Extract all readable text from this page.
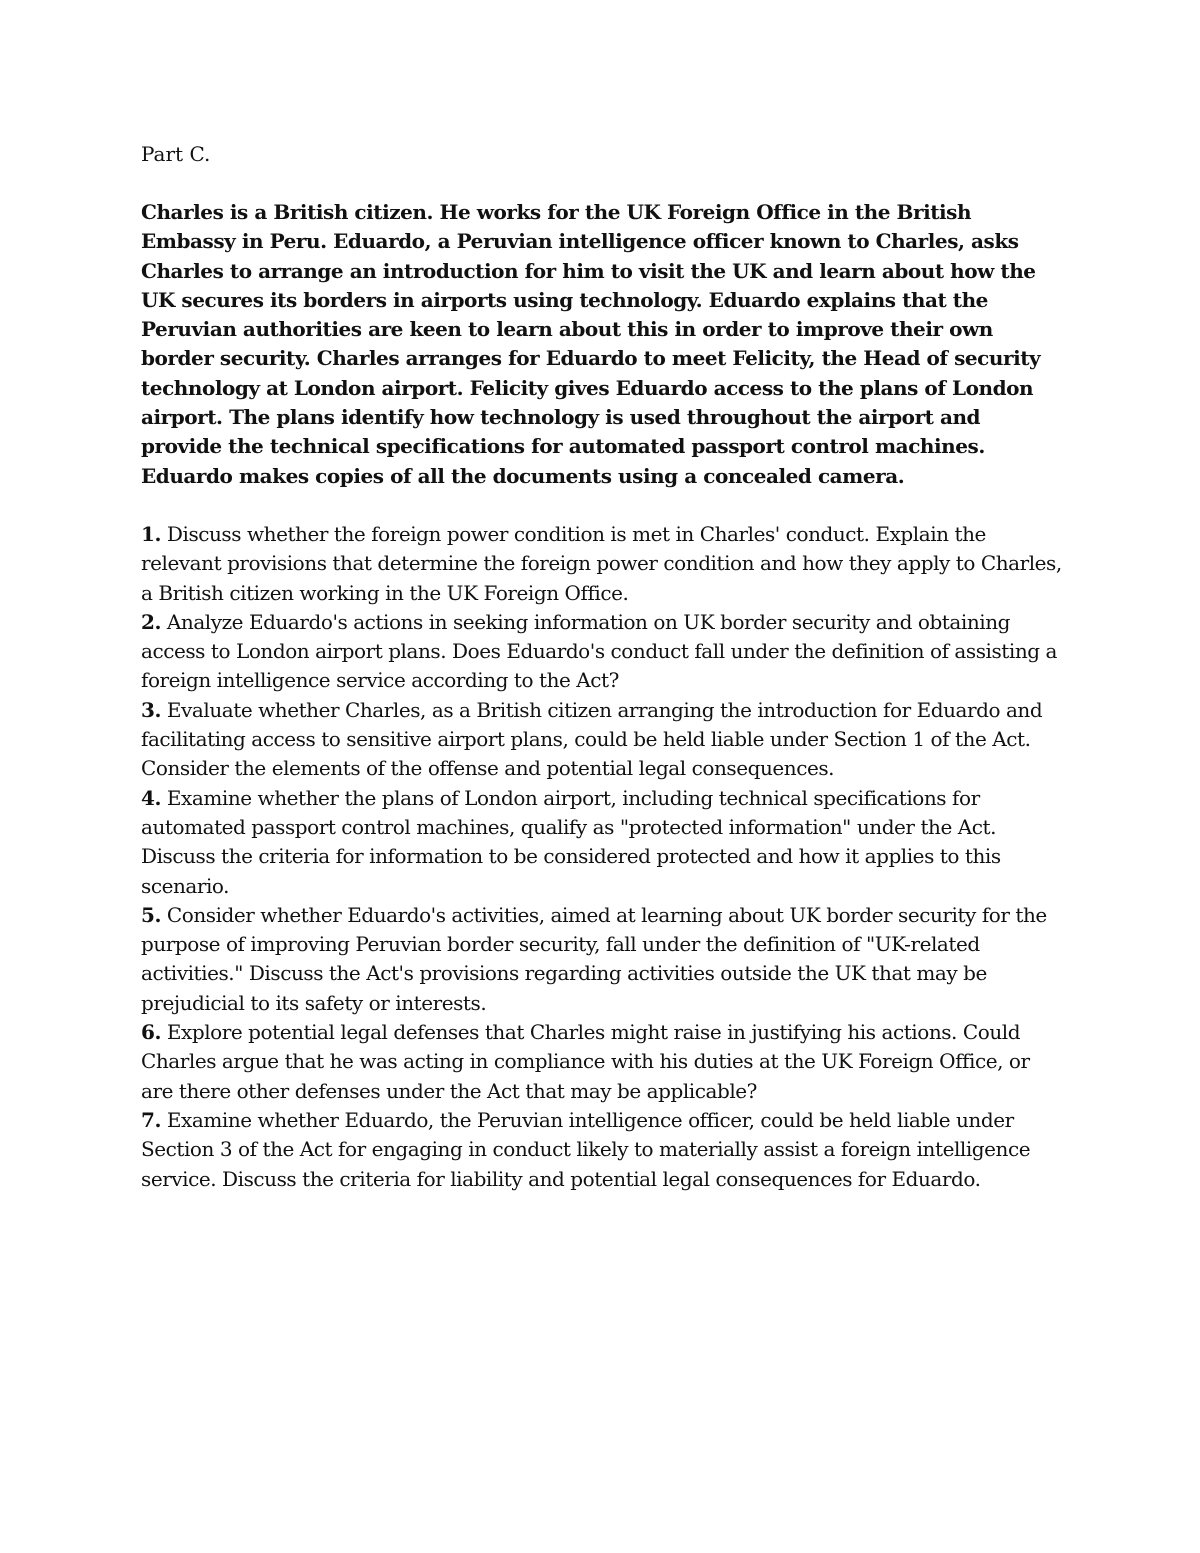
Part C.

Charles is a British citizen. He works for the UK Foreign Office in the British Embassy in Peru. Eduardo, a Peruvian intelligence officer known to Charles, asks Charles to arrange an introduction for him to visit the UK and learn about how the UK secures its borders in airports using technology. Eduardo explains that the Peruvian authorities are keen to learn about this in order to improve their own border security. Charles arranges for Eduardo to meet Felicity, the Head of security technology at London airport. Felicity gives Eduardo access to the plans of London airport. The plans identify how technology is used throughout the airport and provide the technical specifications for automated passport control machines. Eduardo makes copies of all the documents using a concealed camera.

1. Discuss whether the foreign power condition is met in Charles' conduct. Explain the relevant provisions that determine the foreign power condition and how they apply to Charles, a British citizen working in the UK Foreign Office.
2. Analyze Eduardo's actions in seeking information on UK border security and obtaining access to London airport plans. Does Eduardo's conduct fall under the definition of assisting a foreign intelligence service according to the Act?
3. Evaluate whether Charles, as a British citizen arranging the introduction for Eduardo and facilitating access to sensitive airport plans, could be held liable under Section 1 of the Act. Consider the elements of the offense and potential legal consequences.
4. Examine whether the plans of London airport, including technical specifications for automated passport control machines, qualify as "protected information" under the Act. Discuss the criteria for information to be considered protected and how it applies to this scenario.
5. Consider whether Eduardo's activities, aimed at learning about UK border security for the purpose of improving Peruvian border security, fall under the definition of "UK-related activities." Discuss the Act's provisions regarding activities outside the UK that may be prejudicial to its safety or interests.
6. Explore potential legal defenses that Charles might raise in justifying his actions. Could Charles argue that he was acting in compliance with his duties at the UK Foreign Office, or are there other defenses under the Act that may be applicable?
7. Examine whether Eduardo, the Peruvian intelligence officer, could be held liable under Section 3 of the Act for engaging in conduct likely to materially assist a foreign intelligence service. Discuss the criteria for liability and potential legal consequences for Eduardo.
